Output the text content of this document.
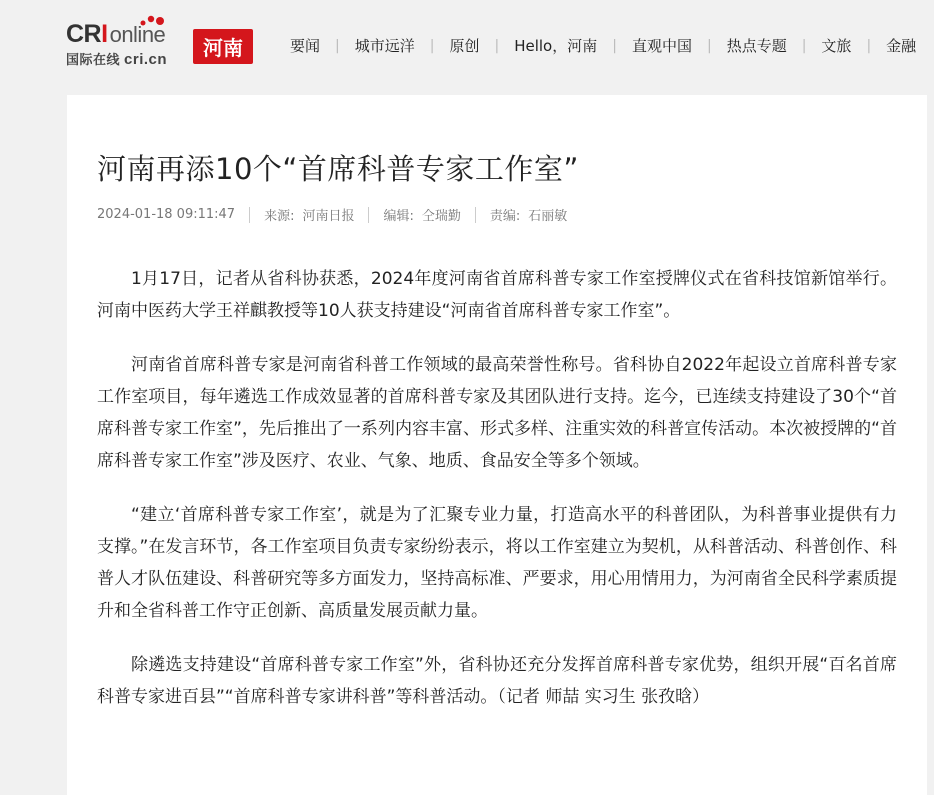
CRIonline
国际在线 cri.cn	河南	要闻 | 城市远洋 | 原创 | Hello，河南 | 直观中国 | 热点专题 | 文旅 | 金融
河南再添10个“首席科普专家工作室”
2024-01-18 09:11:47 来源: 河南日报 编辑: 仝瑞勤 责编: 石丽敏

1月17日，记者从省科协获悉，2024年度河南省首席科普专家工作室授牌仪式在省科技馆新馆举行。河南中医药大学王祥麒教授等10人获支持建设“河南省首席科普专家工作室”。

河南省首席科普专家是河南省科普工作领域的最高荣誉性称号。省科协自2022年起设立首席科普专家工作室项目，每年遴选工作成效显著的首席科普专家及其团队进行支持。迄今，已连续支持建设了30个“首席科普专家工作室”，先后推出了一系列内容丰富、形式多样、注重实效的科普宣传活动。本次被授牌的“首席科普专家工作室”涉及医疗、农业、气象、地质、食品安全等多个领域。

“建立‘首席科普专家工作室’，就是为了汇聚专业力量，打造高水平的科普团队，为科普事业提供有力支撑。”在发言环节，各工作室项目负责专家纷纷表示，将以工作室建立为契机，从科普活动、科普创作、科普人才队伍建设、科普研究等多方面发力，坚持高标准、严要求，用心用情用力，为河南省全民科学素质提升和全省科普工作守正创新、高质量发展贡献力量。

除遴选支持建设“首席科普专家工作室”外，省科协还充分发挥首席科普专家优势，组织开展“百名首席科普专家进百县”“首席科普专家讲科普”等科普活动。（记者 师喆 实习生 张孜晗）
